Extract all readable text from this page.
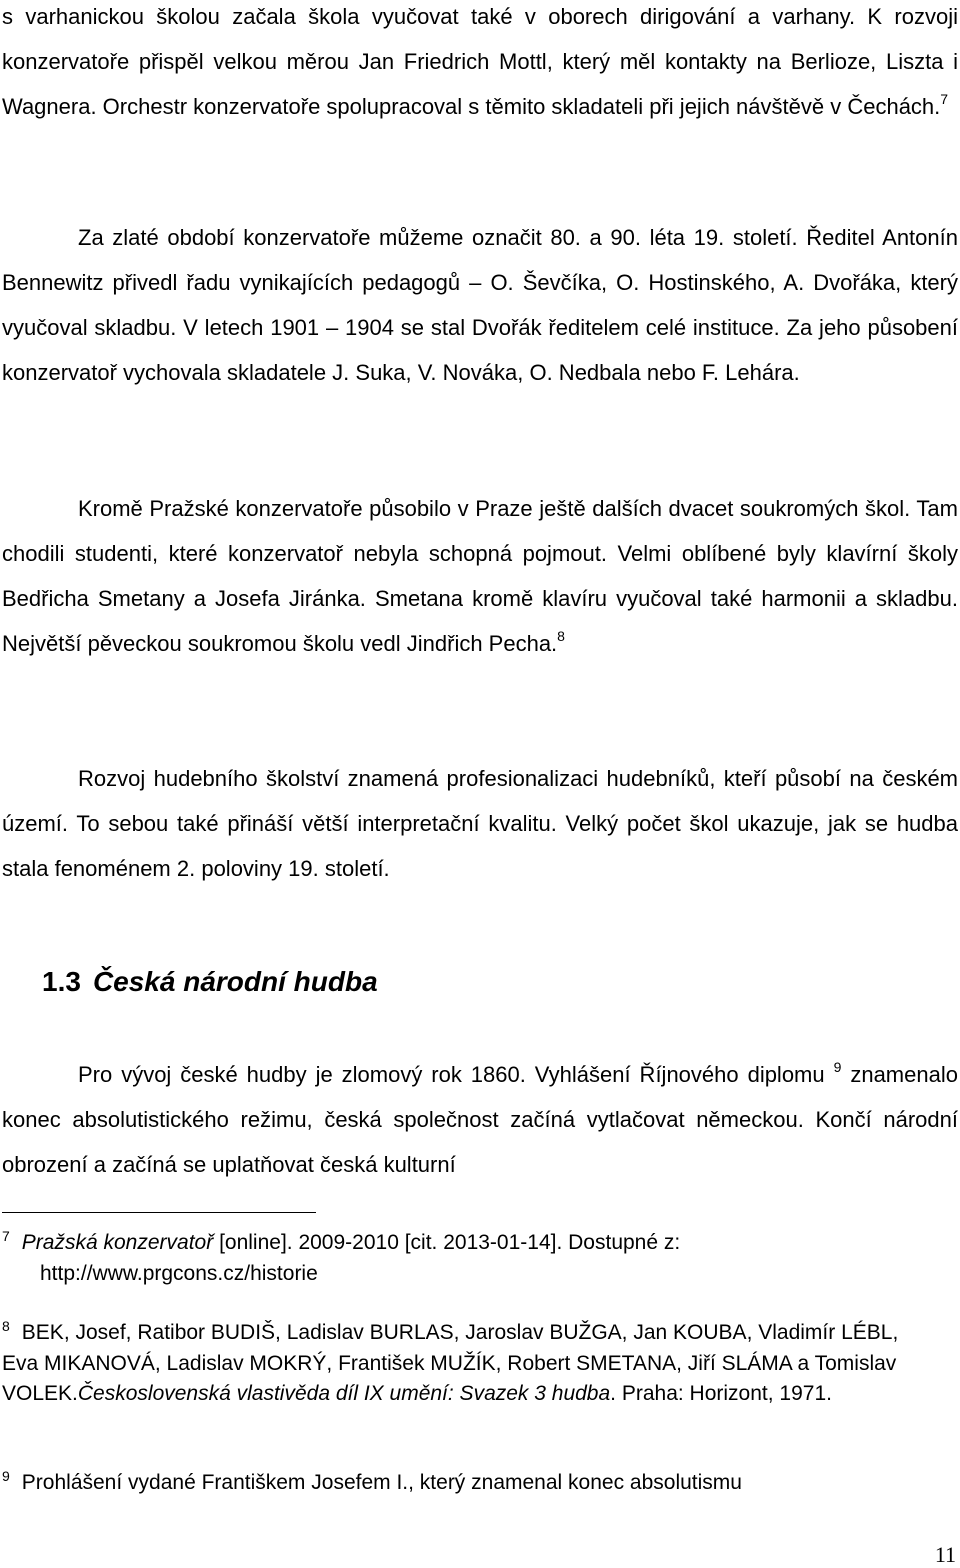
s varhanickou školou začala škola vyučovat také v oborech dirigování a varhany. K rozvoji konzervatoře přispěl velkou měrou Jan Friedrich Mottl, který měl kontakty na Berlioze, Liszta i Wagnera. Orchestr konzervatoře spolupracoval s těmito skladateli při jejich návštěvě v Čechách.$^7$

Za zlaté období konzervatoře můžeme označit 80. a 90. léta 19. století. Ředitel Antonín Bennewitz přivedl řadu vynikajících pedagogů – O. Ševčíka, O. Hostinského, A. Dvořáka, který vyučoval skladbu. V letech 1901 – 1904 se stal Dvořák ředitelem celé instituce. Za jeho působení konzervatoř vychovala skladatele J. Suka, V. Nováka, O. Nedbala nebo F. Lehára.

Kromě Pražské konzervatoře působilo v Praze ještě dalších dvacet soukromých škol. Tam chodili studenti, které konzervatoř nebyla schopná pojmout. Velmi oblíbené byly klavírní školy Bedřicha Smetany a Josefa Jiránka. Smetana kromě klavíru vyučoval také harmonii a skladbu. Největší pěveckou soukromou školu vedl Jindřich Pecha.$^8$

Rozvoj hudebního školství znamená profesionalizaci hudebníků, kteří působí na českém území. To sebou také přináší větší interpretační kvalitu. Velký počet škol ukazuje, jak se hudba stala fenoménem 2. poloviny 19. století.

1.3 Česká národní hudba

Pro vývoj české hudby je zlomový rok 1860. Vyhlášení Říjnového diplomu $^9$ znamenalo konec absolutistického režimu, česká společnost začíná vytlačovat německou. Končí národní obrození a začíná se uplatňovat česká kulturní

$^7$ Pražská konzervatoř [online]. 2009-2010 [cit. 2013-01-14]. Dostupné z:
http://www.prgcons.cz/historie

$^8$ BEK, Josef, Ratibor BUDIŠ, Ladislav BURLAS, Jaroslav BUŽGA, Jan KOUBA, Vladimír LÉBL, Eva MIKANOVÁ, Ladislav MOKRÝ, František MUŽÍK, Robert SMETANA, Jiří SLÁMA a Tomislav VOLEK.Československá vlastivěda díl IX umění: Svazek 3 hudba. Praha: Horizont, 1971.

$^9$ Prohlášení vydané Františkem Josefem I., který znamenal konec absolutismu

11
